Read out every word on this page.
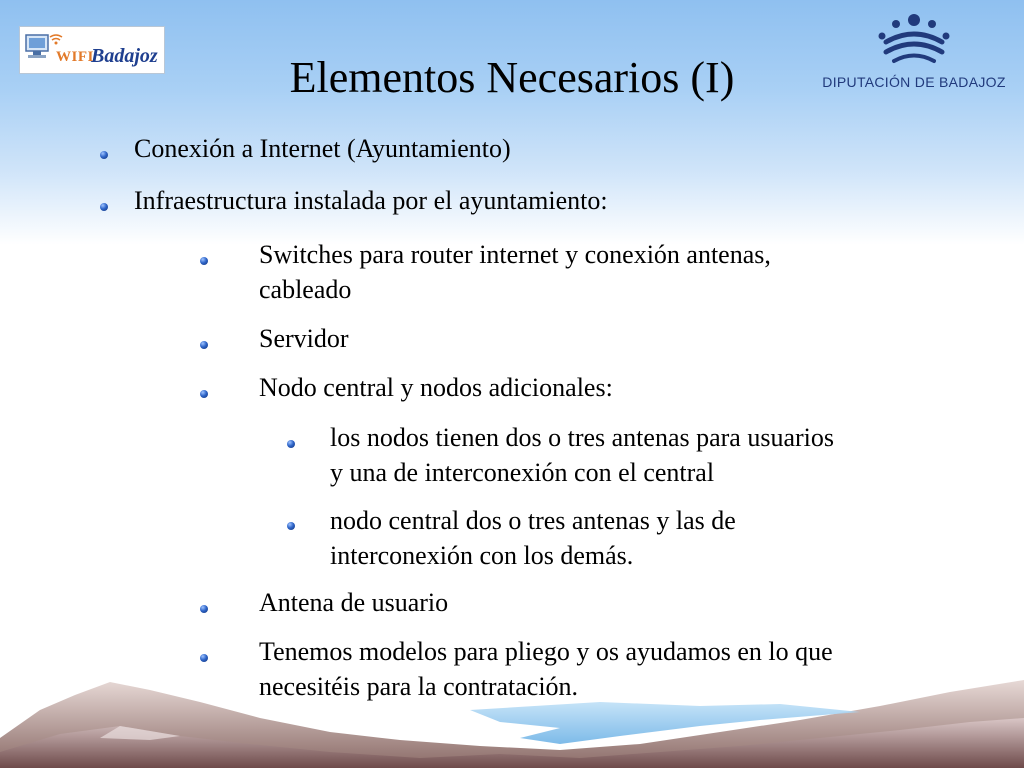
WIFI
Badajoz
DIPUTACIÓN DE BADAJOZ
Elementos Necesarios (I)
Conexión a Internet (Ayuntamiento)
Infraestructura instalada por el ayuntamiento:
Switches para router internet y conexión antenas,
cableado
Servidor
Nodo central y nodos adicionales:
los nodos tienen dos o tres antenas para usuarios
y una de interconexión con el central
nodo central dos o tres antenas y las de
interconexión con los demás.
Antena de usuario
Tenemos modelos para pliego y os ayudamos en lo que
necesitéis para la contratación.
